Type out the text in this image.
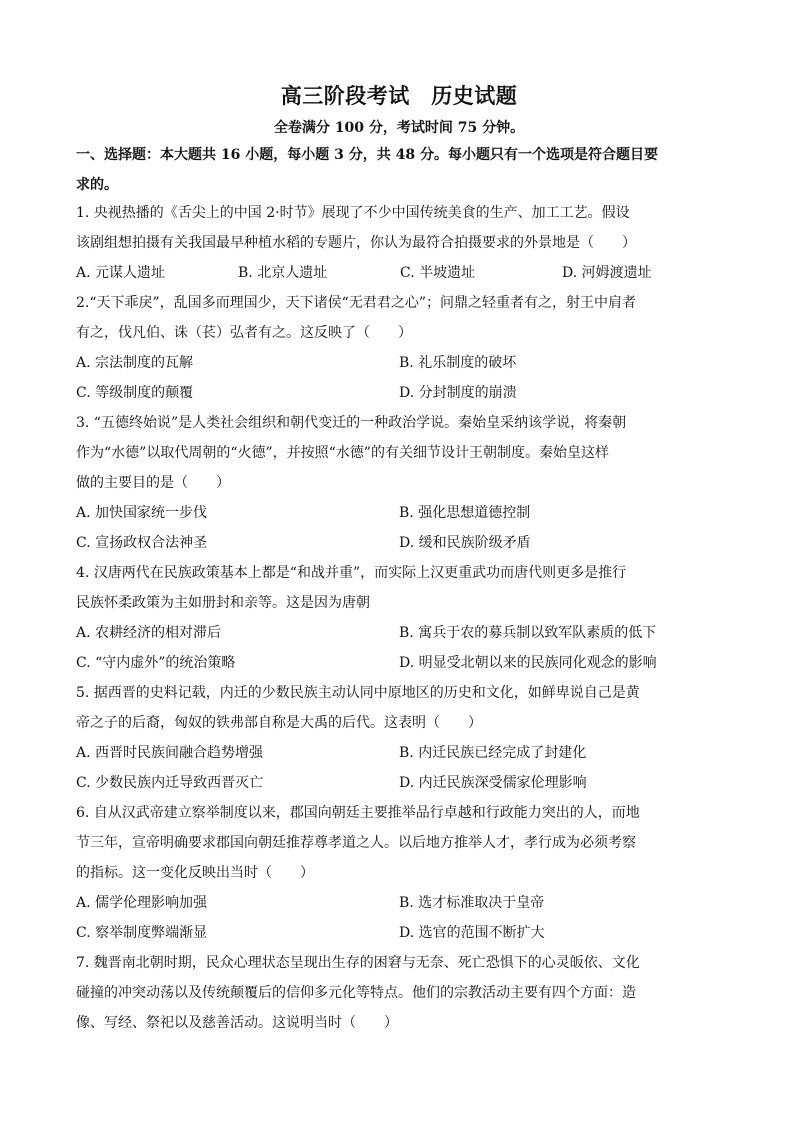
高三阶段考试　历史试题
全卷满分 100 分，考试时间 75 分钟。
一、选择题：本大题共 16 小题，每小题 3 分，共 48 分。每小题只有一个选项是符合题目要
求的。

1. 央视热播的《舌尖上的中国 2·时节》展现了不少中国传统美食的生产、加工工艺。假设

该剧组想拍摄有关我国最早种植水稻的专题片，你认为最符合拍摄要求的外景地是（　　）

A. 元谋人遗址	B. 北京人遗址	C. 半坡遗址	D. 河姆渡遗址

2.“天下乖戾”，乱国多而理国少，天下诸侯“无君君之心”；问鼎之轻重者有之，射王中肩者

有之，伐凡伯、诛（苌）弘者有之。这反映了（　　）

A. 宗法制度的瓦解	B. 礼乐制度的破坏
C. 等级制度的颠覆	D. 分封制度的崩溃

3. “五德终始说”是人类社会组织和朝代变迁的一种政治学说。秦始皇采纳该学说，将秦朝

作为“水德”以取代周朝的“火德”，并按照“水德”的有关细节设计王朝制度。秦始皇这样

做的主要目的是（　　）

A. 加快国家统一步伐	B. 强化思想道德控制
C. 宣扬政权合法神圣	D. 缓和民族阶级矛盾

4. 汉唐两代在民族政策基本上都是“和战并重”，而实际上汉更重武功而唐代则更多是推行

民族怀柔政策为主如册封和亲等。这是因为唐朝

A. 农耕经济的相对滞后	B. 寓兵于农的募兵制以致军队素质的低下
C. “守内虚外”的统治策略	D. 明显受北朝以来的民族同化观念的影响

5. 据西晋的史料记载，内迁的少数民族主动认同中原地区的历史和文化，如鲜卑说自己是黄

帝之子的后裔，匈奴的铁弗部自称是大禹的后代。这表明（　　）

A. 西晋时民族间融合趋势增强	B. 内迁民族已经完成了封建化
C. 少数民族内迁导致西晋灭亡	D. 内迁民族深受儒家伦理影响

6. 自从汉武帝建立察举制度以来，郡国向朝廷主要推举品行卓越和行政能力突出的人，而地

节三年，宣帝明确要求郡国向朝廷推荐尊孝道之人。以后地方推举人才，孝行成为必须考察

的指标。这一变化反映出当时（　　）

A. 儒学伦理影响加强	B. 选才标准取决于皇帝
C. 察举制度弊端渐显	D. 选官的范围不断扩大

7. 魏晋南北朝时期，民众心理状态呈现出生存的困窘与无奈、死亡恐惧下的心灵皈依、文化

碰撞的冲突动荡以及传统颠覆后的信仰多元化等特点。他们的宗教活动主要有四个方面：造

像、写经、祭祀以及慈善活动。这说明当时（　　）
